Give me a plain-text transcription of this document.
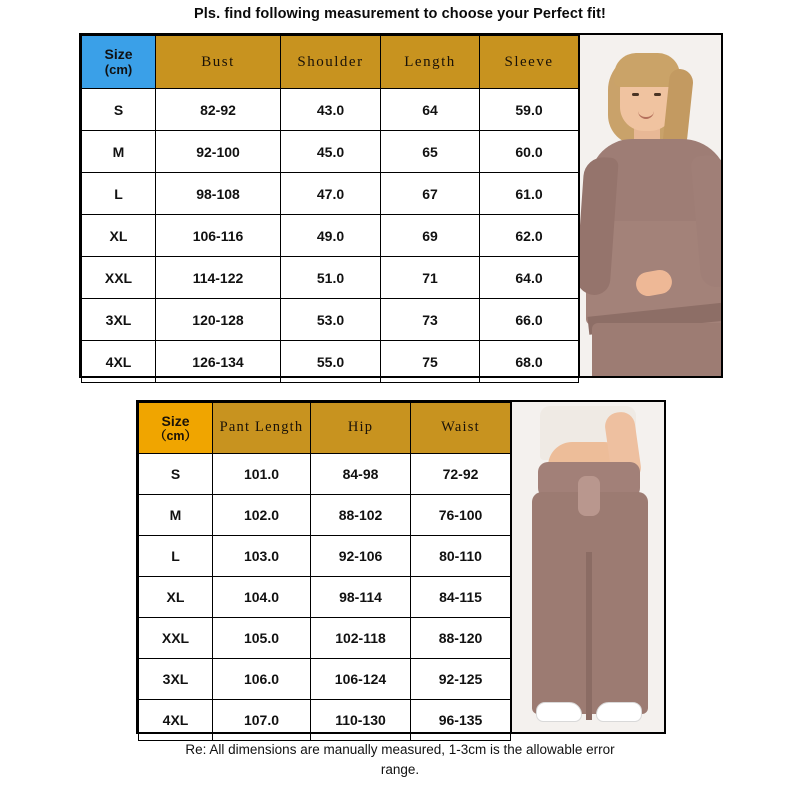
Pls. find following measurement to choose your Perfect fit!
Size
(cm)	Bust	Shoulder	Length	Sleeve
S	82-92	43.0	64	59.0
M	92-100	45.0	65	60.0
L	98-108	47.0	67	61.0
XL	106-116	49.0	69	62.0
XXL	114-122	51.0	71	64.0
3XL	120-128	53.0	73	66.0
4XL	126-134	55.0	75	68.0
Size
（cm）	Pant Length	Hip	Waist
S	101.0	84-98	72-92
M	102.0	88-102	76-100
L	103.0	92-106	80-110
XL	104.0	98-114	84-115
XXL	105.0	102-118	88-120
3XL	106.0	106-124	92-125
4XL	107.0	110-130	96-135
Re: All dimensions are manually measured, 1-3cm is the allowable error
range.
